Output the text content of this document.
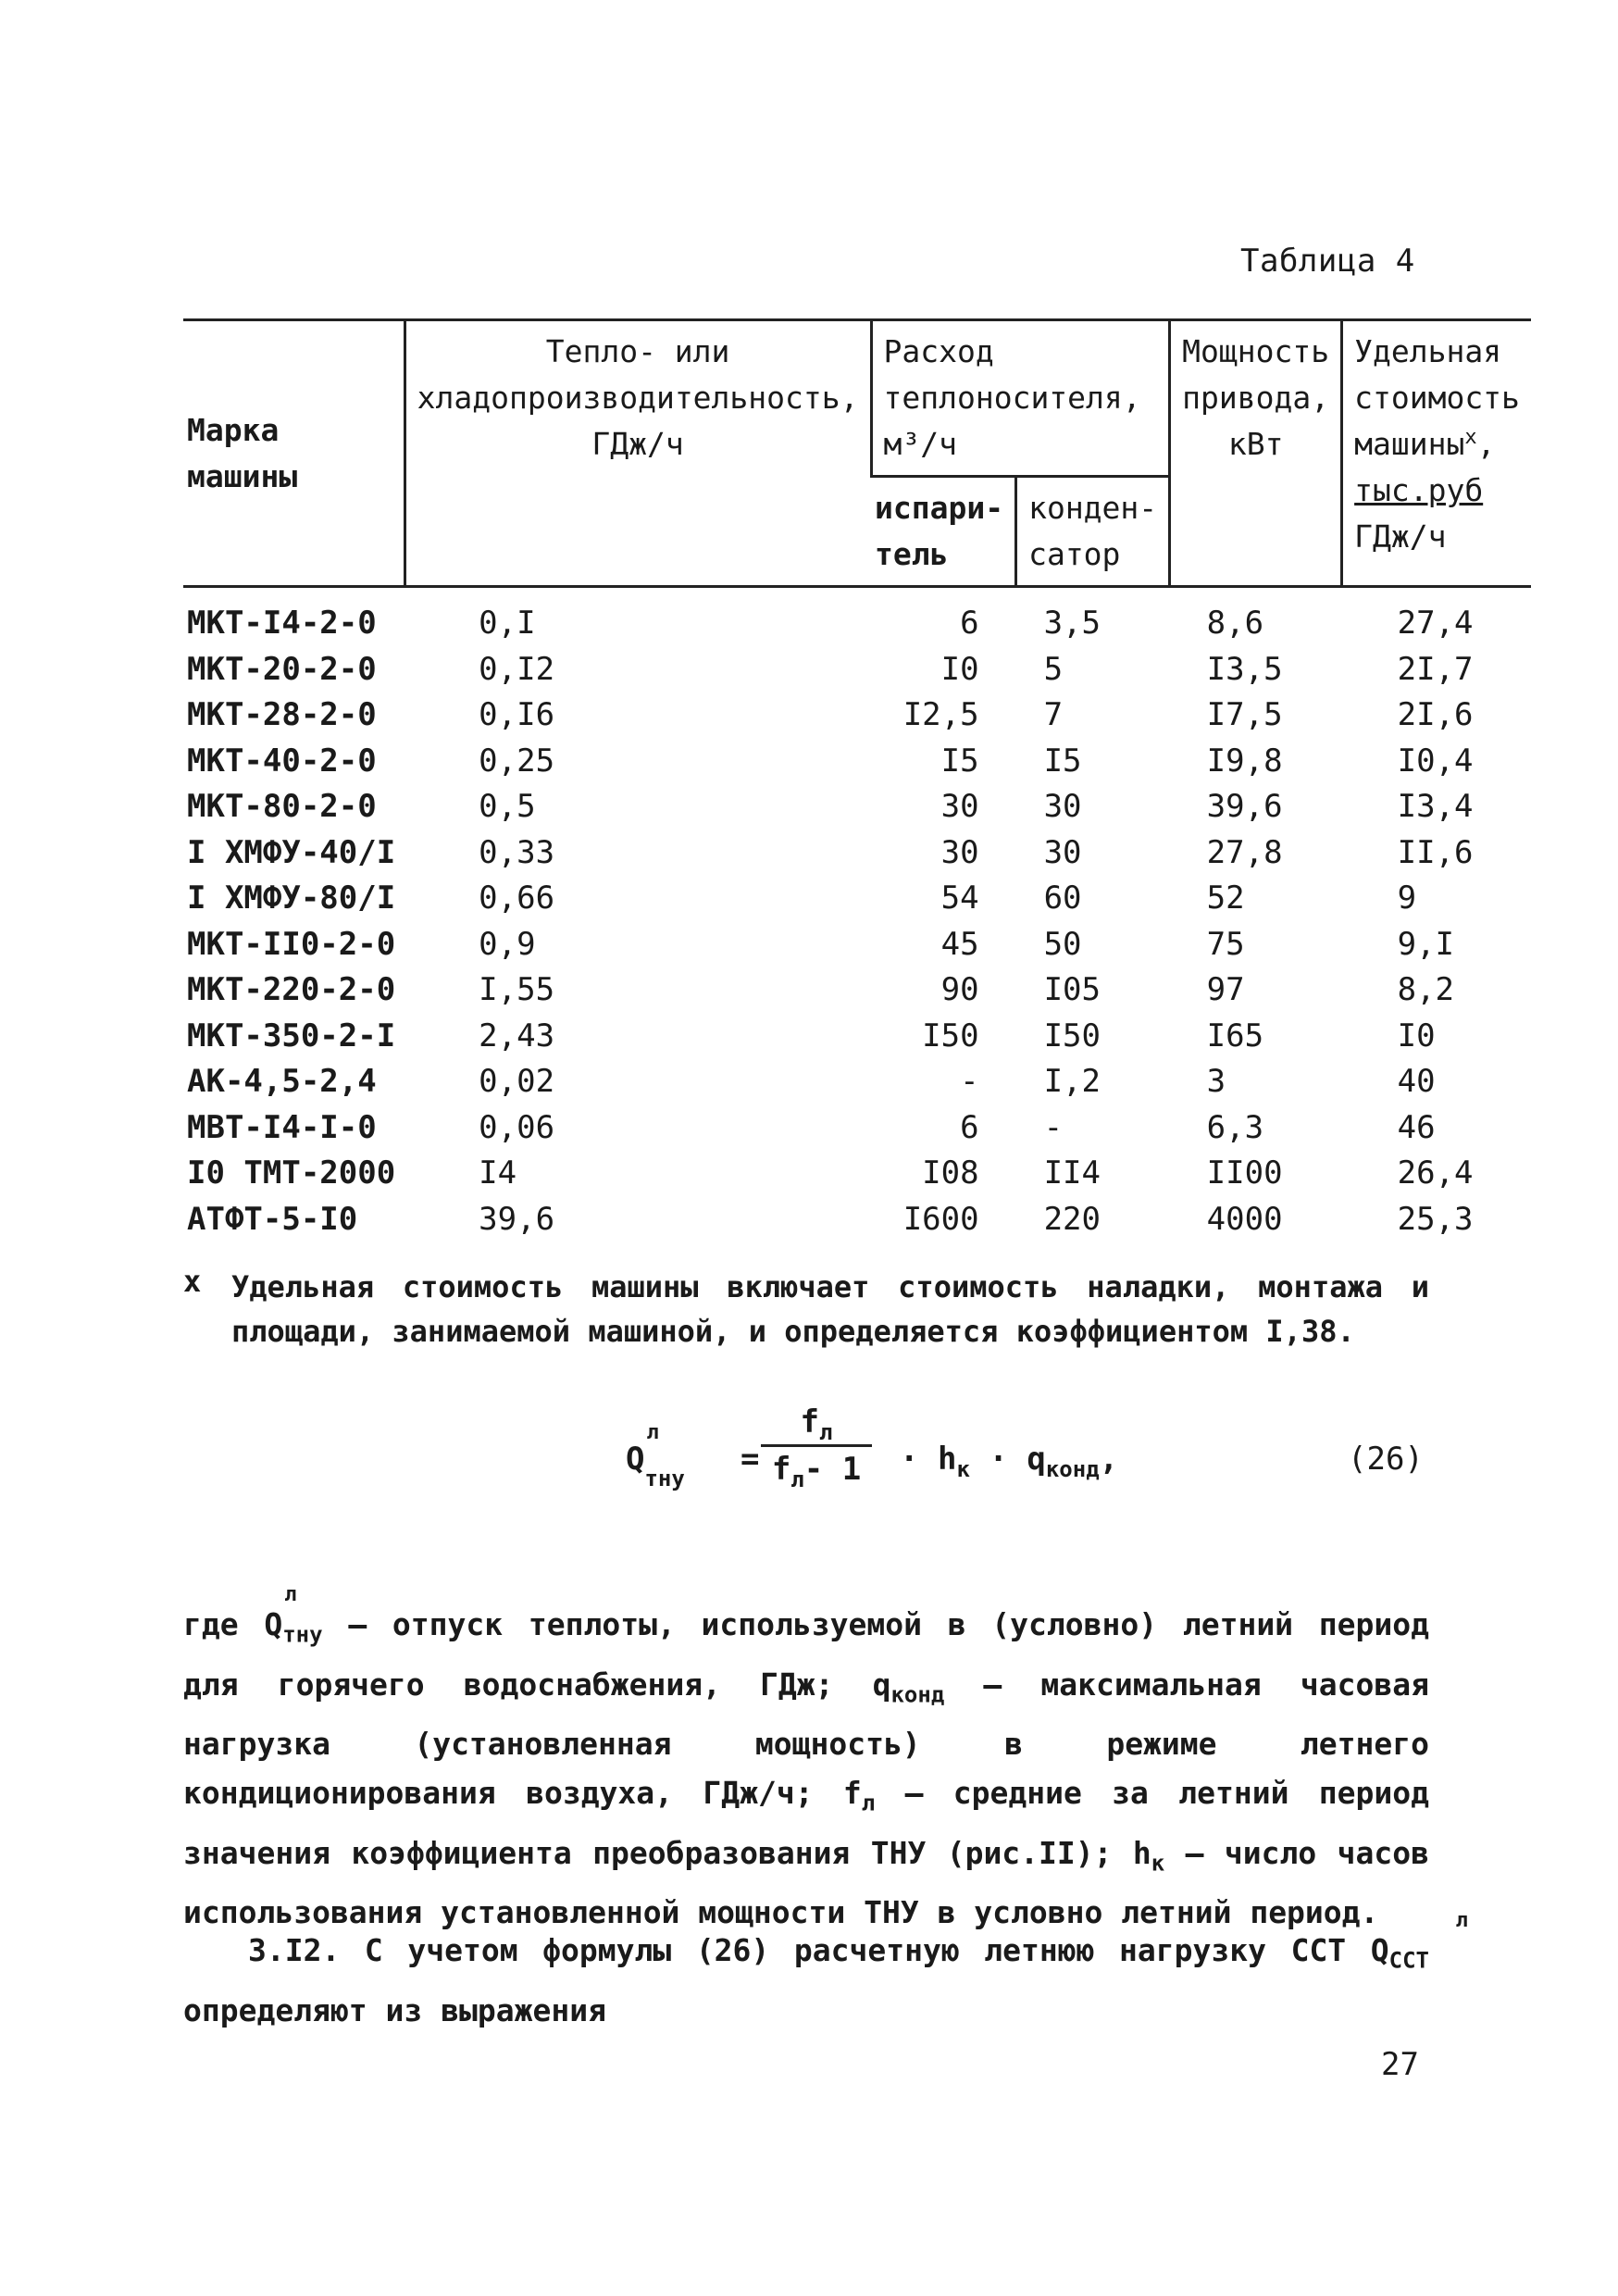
Таблица 4
Марка машины	Тепло- или хладопроизводительность, ГДж/ч	Расход теплоносителя, м³/ч		Мощность привода, кВт	Удельная стоимость машины$^x$,
тыс.руб
ГДж/ч
		испари- тель	конден- сатор		
МКТ-I4-2-0	0,I	6	3,5	8,6	27,4
МКТ-20-2-0	0,I2	I0	5	I3,5	2I,7
МКТ-28-2-0	0,I6	I2,5	7	I7,5	2I,6
МКТ-40-2-0	0,25	I5	I5	I9,8	I0,4
МКТ-80-2-0	0,5	30	30	39,6	I3,4
I ХМФУ-40/I	0,33	30	30	27,8	II,6
I ХМФУ-80/I	0,66	54	60	52	9
МКТ-II0-2-0	0,9	45	50	75	9,I
МКТ-220-2-0	I,55	90	I05	97	8,2
МКТ-350-2-I	2,43	I50	I50	I65	I0
АК-4,5-2,4	0,02	-	I,2	3	40
МВТ-I4-I-0	0,06	6	-	6,3	46
I0 ТМТ-2000	I4	I08	II4	II00	26,4
АТФТ-5-I0	39,6	I600	220	4000	25,3
x Удельная стоимость машины включает стоимость наладки, монтажа и площади, занимаемой машиной, и определяется коэффициентом I,38.
Q
л
$_{тну}$
=
$f_л$
$f_л-$ 1	· $h_к \cdot q_{конд}$,	(26)
где Q
л
$_{тну}$ – отпуск теплоты, используемой в (условно) летний период для горячего водоснабжения, ГДж; $q_{конд}$ – максимальная часовая нагрузка (установленная мощность) в режиме летнего кондиционирования воздуха, ГДж/ч; $f_л$ – средние за летний период значения коэффициента преобразования ТНУ (рис.II); $h_к$ – число часов использования установленной мощности ТНУ в условно летний период.
3.I2. С учетом формулы (26) расчетную летнюю нагрузку ССТ Q
л
$_{ССТ}$ определяют из выражения
27
